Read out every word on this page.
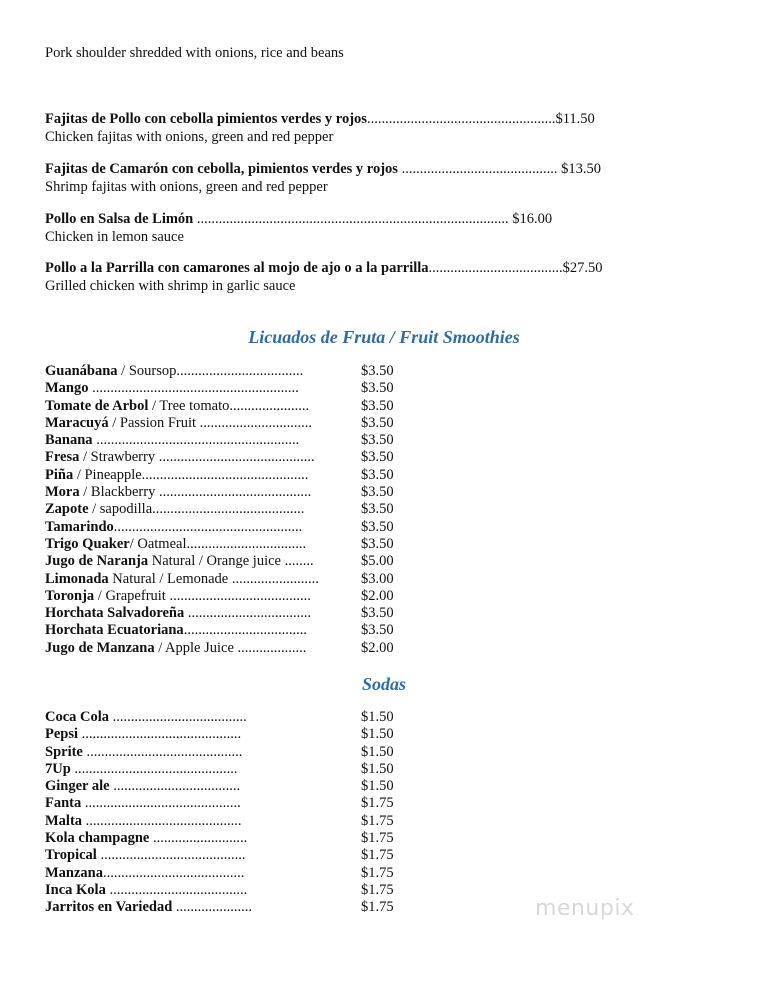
Pork shoulder shredded with onions, rice and beans
Fajitas de Pollo con cebolla pimientos verdes y rojos....................................................$11.50
Chicken fajitas with onions, green and red pepper
Fajitas de Camarón con cebolla, pimientos verdes y rojos ........................................... $13.50
Shrimp fajitas with onions, green and red pepper
Pollo en Salsa de Limón ...................................................................................... $16.00
Chicken in lemon sauce
Pollo a la Parrilla con camarones al mojo de ajo o a la parrilla.....................................$27.50
Grilled chicken with shrimp in garlic sauce
Licuados de Fruta / Fruit Smoothies
Guanábana / Soursop...................................	$3.50
Mango .........................................................	$3.50
Tomate de Arbol / Tree tomato......................	$3.50
Maracuyá / Passion Fruit ...............................	$3.50
Banana ........................................................	$3.50
Fresa / Strawberry ...........................................	$3.50
Piña / Pineapple..............................................	$3.50
Mora / Blackberry ..........................................	$3.50
Zapote / sapodilla..........................................	$3.50
Tamarindo....................................................	$3.50
Trigo Quaker/ Oatmeal.................................	$3.50
Jugo de Naranja Natural / Orange juice ........	$5.00
Limonada Natural / Lemonade ........................	$3.00
Toronja / Grapefruit .......................................	$2.00
Horchata Salvadoreña ..................................	$3.50
Horchata Ecuatoriana..................................	$3.50
Jugo de Manzana / Apple Juice ...................	$2.00
Sodas
Coca Cola .....................................	$1.50
Pepsi ............................................	$1.50
Sprite ...........................................	$1.50
7Up .............................................	$1.50
Ginger ale ...................................	$1.50
Fanta ...........................................	$1.75
Malta ...........................................	$1.75
Kola champagne ..........................	$1.75
Tropical ........................................	$1.75
Manzana.......................................	$1.75
Inca Kola ......................................	$1.75
Jarritos en Variedad .....................	$1.75	menupix
